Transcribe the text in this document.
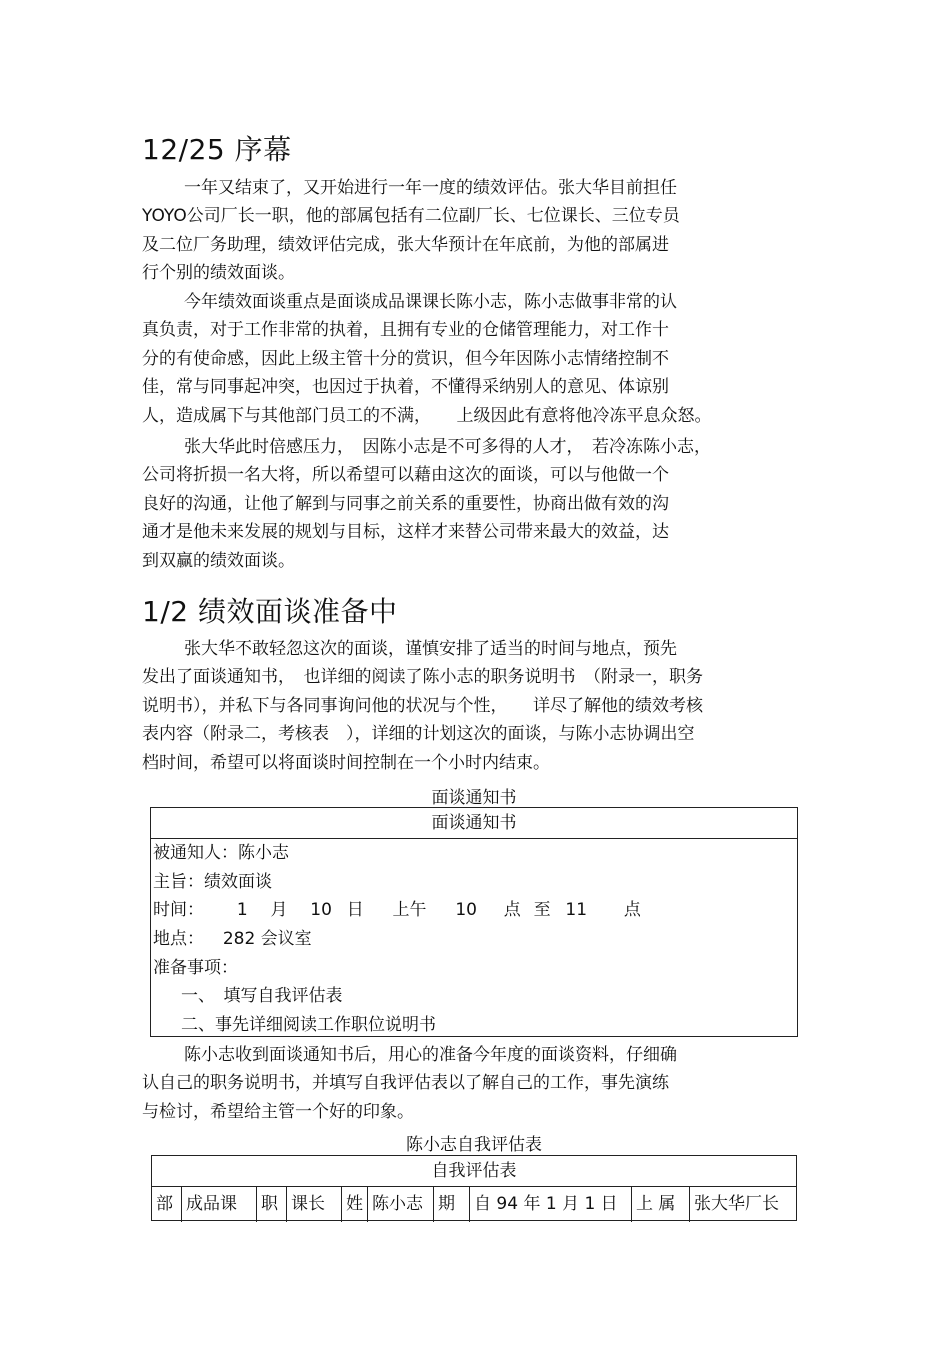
12/25 序幕
一年又结束了，又开始进行一年一度的绩效评估。张大华目前担任
YOYO公司厂长一职，他的部属包括有二位副厂长、七位课长、三位专员
及二位厂务助理，绩效评估完成，张大华预计在年底前，为他的部属进
行个别的绩效面谈。
今年绩效面谈重点是面谈成品课课长陈小志，陈小志做事非常的认
真负责，对于工作非常的执着，且拥有专业的仓储管理能力，对工作十
分的有使命感，因此上级主管十分的赏识，但今年因陈小志情绪控制不
佳，常与同事起冲突，也因过于执着，不懂得采纳别人的意见、体谅别
人，造成属下与其他部门员工的不满，　　上级因此有意将他冷冻平息众怒。
张大华此时倍感压力，　因陈小志是不可多得的人才，　若冷冻陈小志，
公司将折损一名大将，所以希望可以藉由这次的面谈，可以与他做一个
良好的沟通，让他了解到与同事之前关系的重要性，协商出做有效的沟
通才是他未来发展的规划与目标，这样才来替公司带来最大的效益，达
到双赢的绩效面谈。
1/2 绩效面谈准备中
张大华不敢轻忽这次的面谈，谨慎安排了适当的时间与地点，预先
发出了面谈通知书，　也详细的阅读了陈小志的职务说明书　（附录一，职务
说明书），并私下与各同事询问他的状况与个性，　　详尽了解他的绩效考核
表内容（附录二，考核表　），详细的计划这次的面谈，与陈小志协调出空
档时间，希望可以将面谈时间控制在一个小时内结束。
面谈通知书
面谈通知书
被通知人：陈小志
主旨：绩效面谈
时间： 1 月 10 日 上午 10 点 至 11 点
地点： 282 会议室
准备事项：
一、　填写自我评估表
二、事先详细阅读工作职位说明书
陈小志收到面谈通知书后，用心的准备今年度的面谈资料，仔细确
认自己的职务说明书，并填写自我评估表以了解自己的工作，事先演练
与检讨，希望给主管一个好的印象。
陈小志自我评估表
自我评估表
部 成品课	职 课长	姓 陈小志 期	自 94 年 1 月 1 日	上 属	张大华厂长
